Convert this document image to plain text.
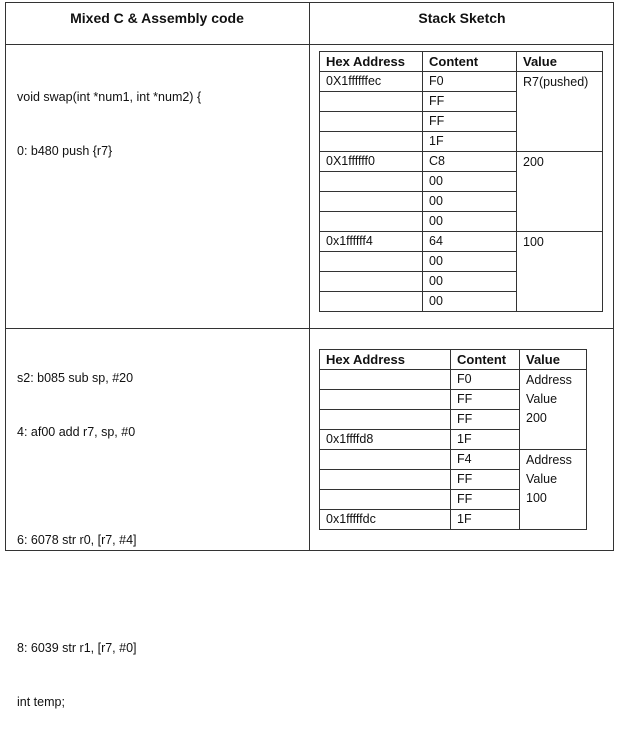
Mixed C & Assembly code	Stack Sketch

void swap(int *num1, int *num2) {

0: b480 push {r7}

Hex Address	Content	Value
0X1ffffffec	F0	R7(pushed)
	FF	
	FF	
	1F	
0X1ffffff0	C8	200
	00	
	00	
	00	
0x1ffffff4	64	100
	00	
	00	
	00	

s2: b085 sub sp, #20

4: af00 add r7, sp, #0

6: 6078 str r0, [r7, #4]

8: 6039 str r1, [r7, #0]

int temp;

Hex Address	Content	Value
	F0	Address Value 200
	FF	
	FF	
0x1ffffd8	1F	
	F4	Address Value 100
	FF	
	FF	
0x1fffffdc	1F	
